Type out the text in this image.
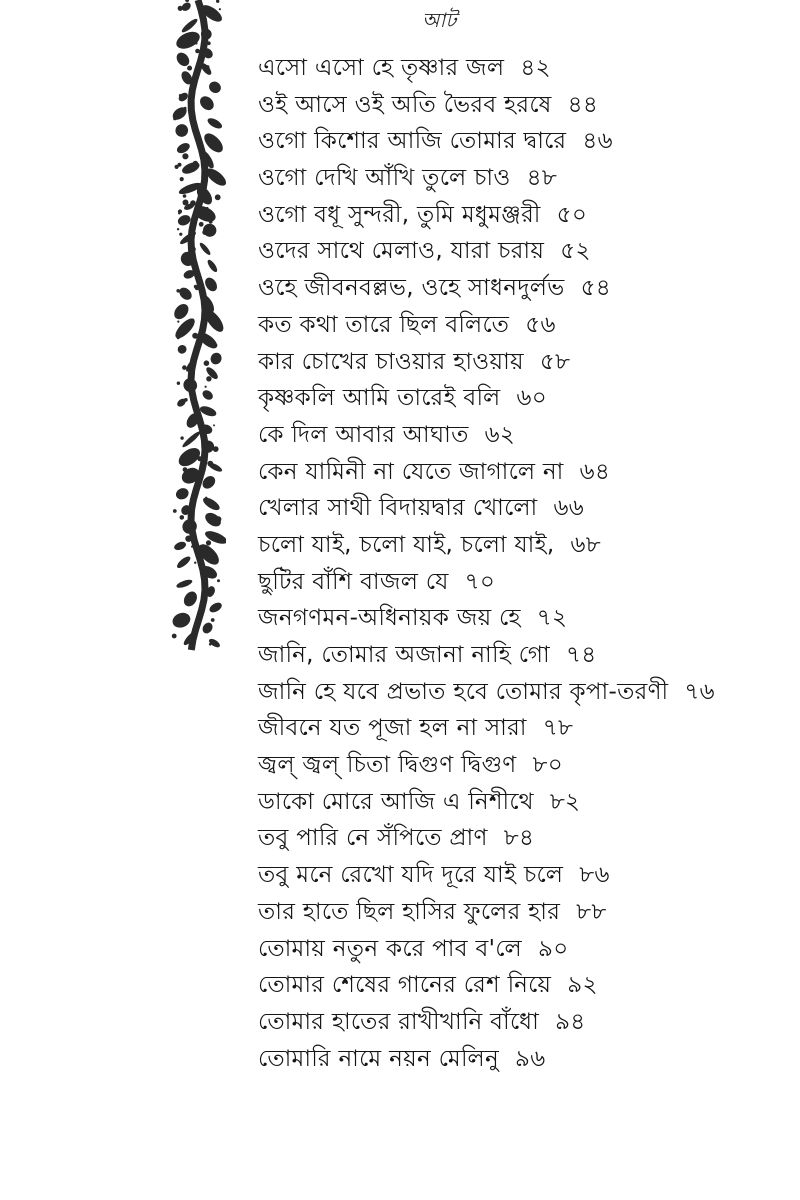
আট
এসো এসো হে তৃষ্ণার জল ৪২
ওই আসে ওই অতি ভৈরব হরষে ৪৪
ওগো কিশোর আজি তোমার দ্বারে ৪৬
ওগো দেখি আঁখি তুলে চাও ৪৮
ওগো বধূ সুন্দরী, তুমি মধুমঞ্জরী ৫০
ওদের সাথে মেলাও, যারা চরায় ৫২
ওহে জীবনবল্লভ, ওহে সাধনদুর্লভ ৫৪
কত কথা তারে ছিল বলিতে ৫৬
কার চোখের চাওয়ার হাওয়ায় ৫৮
কৃষ্ণকলি আমি তারেই বলি ৬০
কে দিল আবার আঘাত ৬২
কেন যামিনী না যেতে জাগালে না ৬৪
খেলার সাথী বিদায়দ্বার খোলো ৬৬
চলো যাই, চলো যাই, চলো যাই, ৬৮
ছুটির বাঁশি বাজল যে ৭০
জনগণমন-অধিনায়ক জয় হে ৭২
জানি, তোমার অজানা নাহি গো ৭৪
জানি হে যবে প্রভাত হবে তোমার কৃপা-তরণী ৭৬
জীবনে যত পূজা হল না সারা ৭৮
জ্বল্ জ্বল্ চিতা দ্বিগুণ দ্বিগুণ ৮০
ডাকো মোরে আজি এ নিশীথে ৮২
তবু পারি নে সঁপিতে প্রাণ ৮৪
তবু মনে রেখো যদি দূরে যাই চলে ৮৬
তার হাতে ছিল হাসির ফুলের হার ৮৮
তোমায় নতুন করে পাব ব'লে ৯০
তোমার শেষের গানের রেশ নিয়ে ৯২
তোমার হাতের রাখীখানি বাঁধো ৯৪
তোমারি নামে নয়ন মেলিনু ৯৬
